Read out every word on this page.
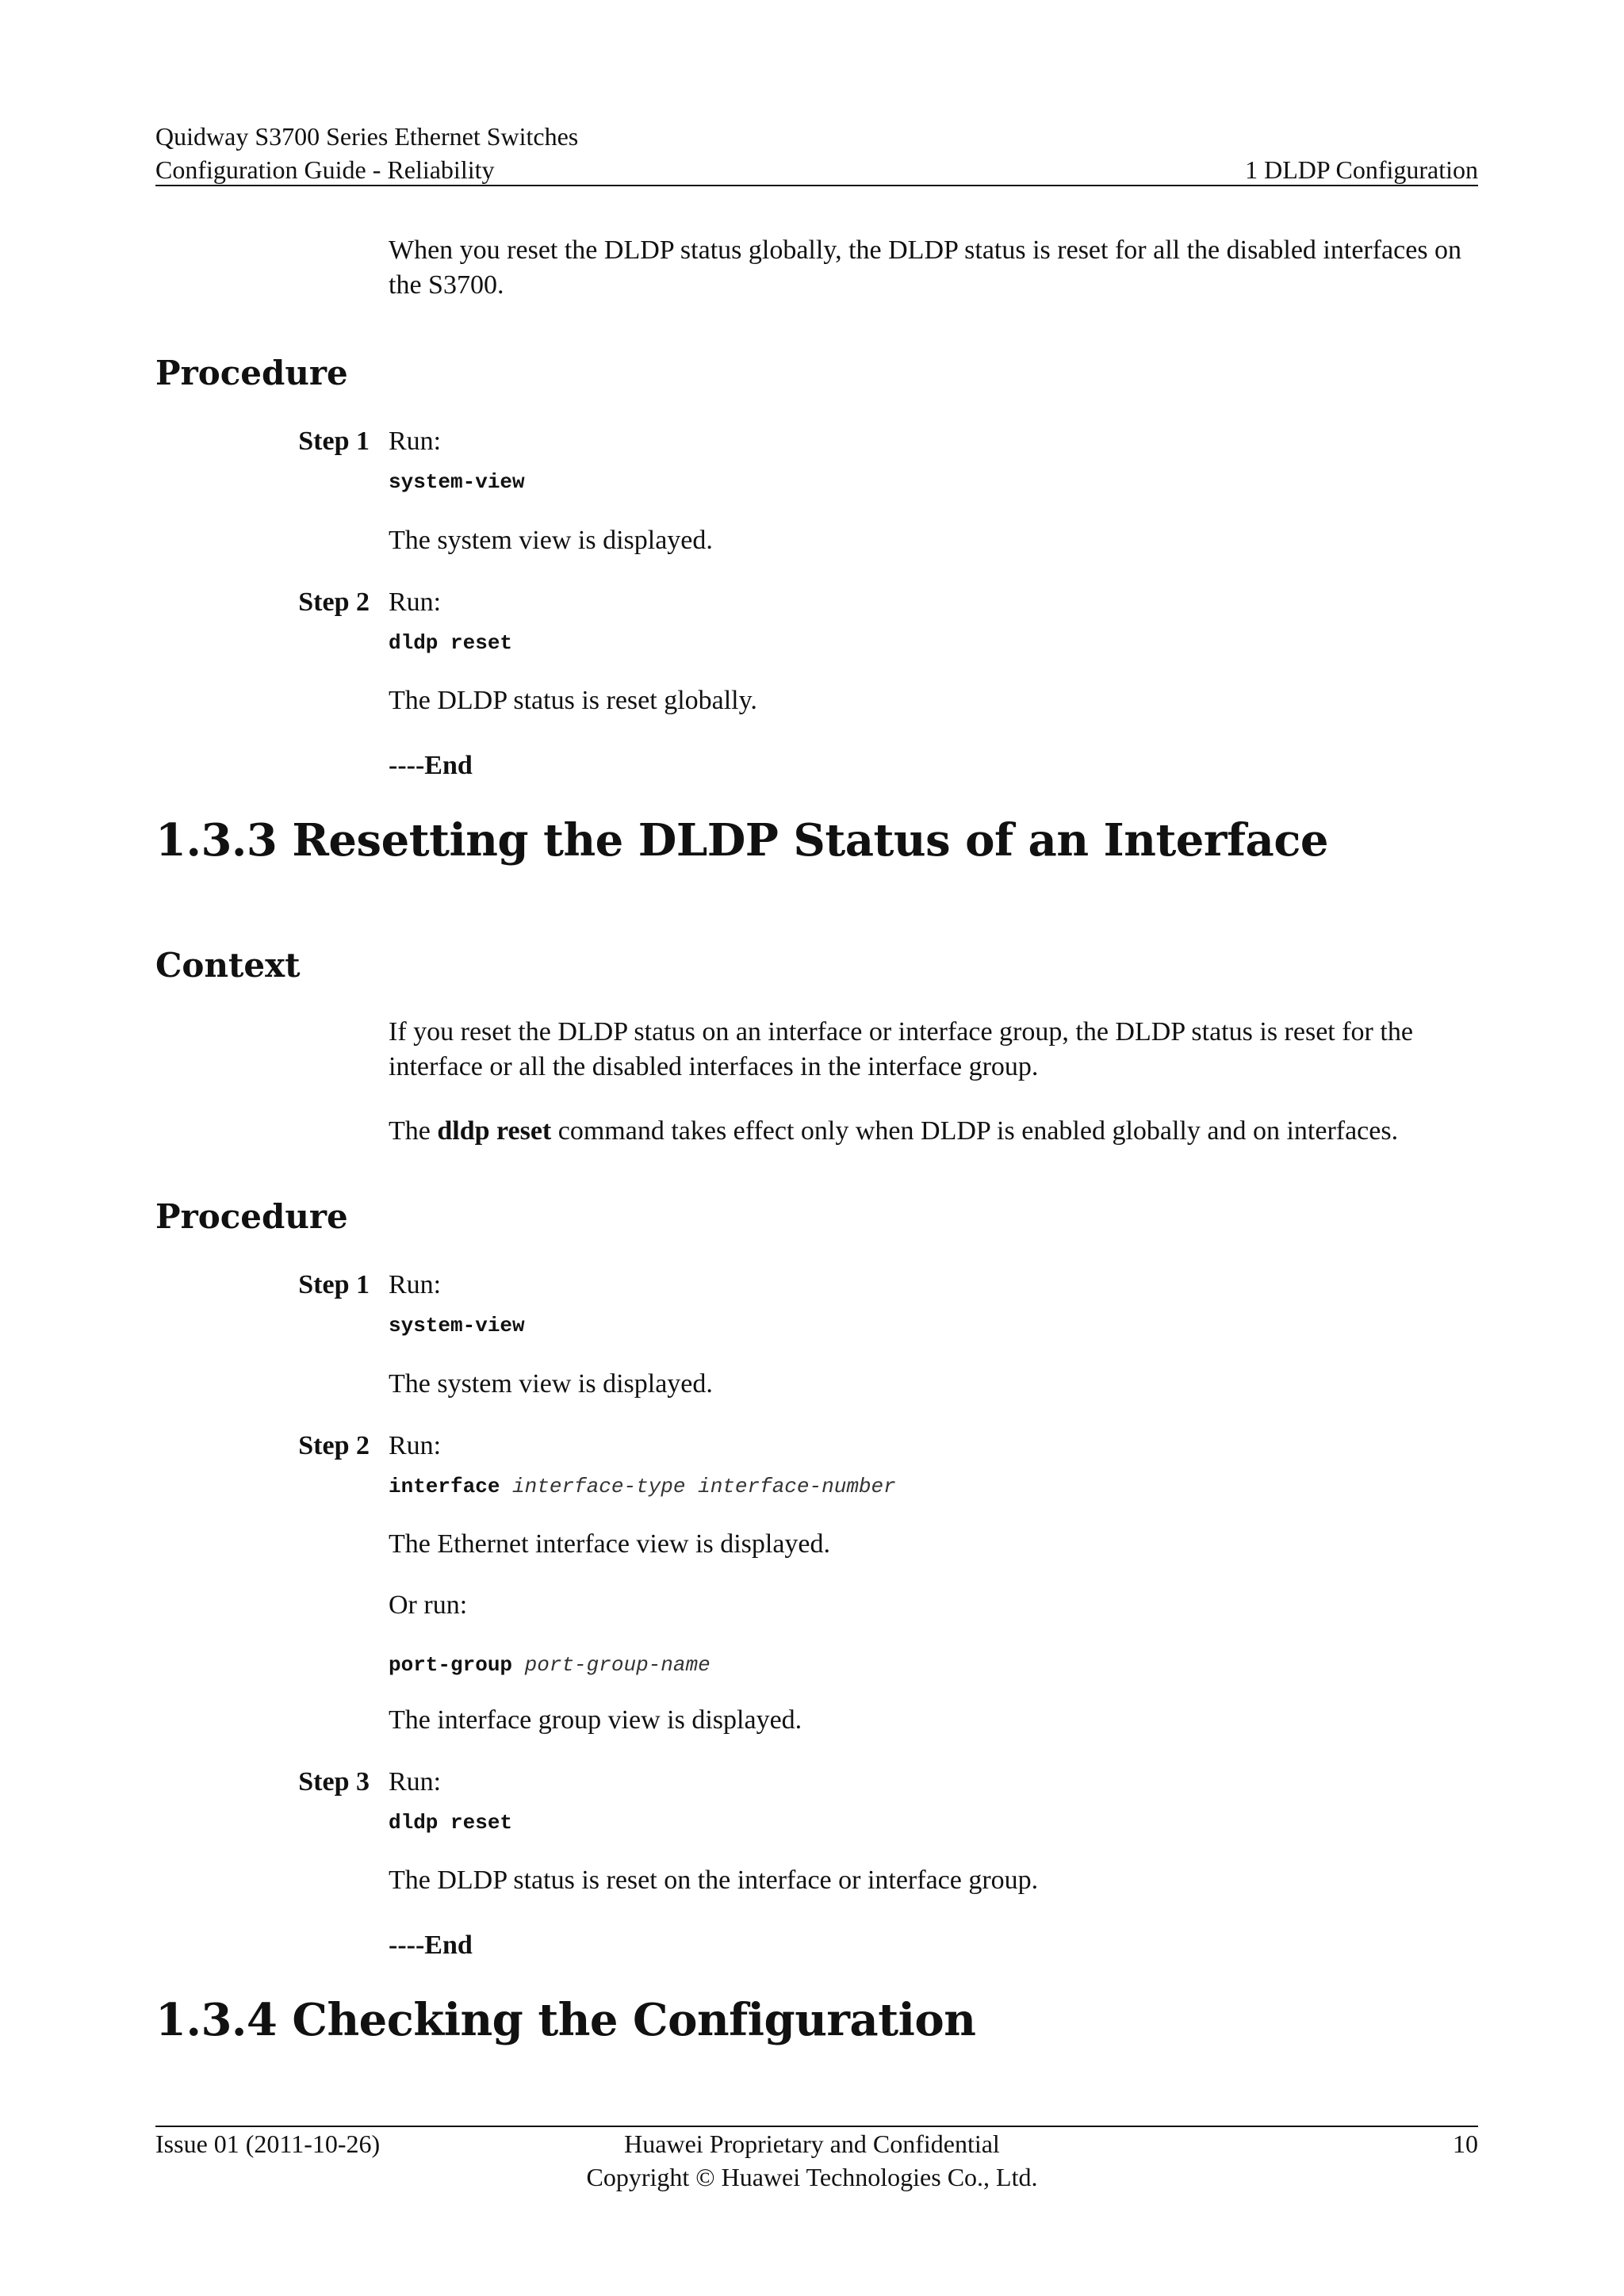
Quidway S3700 Series Ethernet Switches
Configuration Guide - Reliability	1 DLDP Configuration
When you reset the DLDP status globally, the DLDP status is reset for all the disabled interfaces on the S3700.
Procedure
Step 1 Run:
system-view
The system view is displayed.
Step 2 Run:
dldp reset
The DLDP status is reset globally.
----End
1.3.3 Resetting the DLDP Status of an Interface
Context
If you reset the DLDP status on an interface or interface group, the DLDP status is reset for the interface or all the disabled interfaces in the interface group.
The dldp reset command takes effect only when DLDP is enabled globally and on interfaces.
Procedure
Step 1 Run:
system-view
The system view is displayed.
Step 2 Run:
interface interface-type interface-number
The Ethernet interface view is displayed.
Or run:
port-group port-group-name
The interface group view is displayed.
Step 3 Run:
dldp reset
The DLDP status is reset on the interface or interface group.
----End
1.3.4 Checking the Configuration
Issue 01 (2011-10-26)	Huawei Proprietary and Confidential
Copyright © Huawei Technologies Co., Ltd.
10
